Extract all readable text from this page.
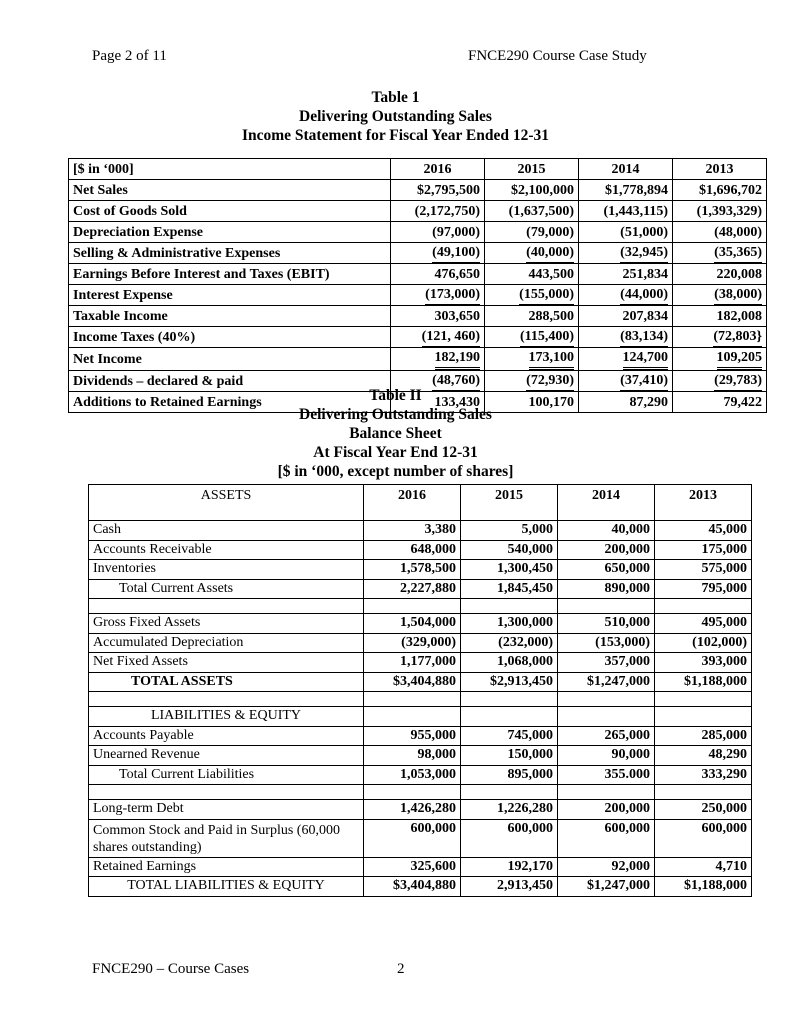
Page 2 of 11	FNCE290 Course Case Study
Table 1
Delivering Outstanding Sales
Income Statement for Fiscal Year Ended 12-31
[$ in ‘000]	2016	2015	2014	2013
Net Sales	$2,795,500	$2,100,000	$1,778,894	$1,696,702
Cost of Goods Sold	(2,172,750)	(1,637,500)	(1,443,115)	(1,393,329)
Depreciation Expense	(97,000)	(79,000)	(51,000)	(48,000)
Selling & Administrative Expenses	(49,100)	(40,000)	(32,945)	(35,365)
Earnings Before Interest and Taxes (EBIT)	476,650	443,500	251,834	220,008
Interest Expense	(173,000)	(155,000)	(44,000)	(38,000)
Taxable Income	303,650	288,500	207,834	182,008
Income Taxes (40%)	(121, 460)	(115,400)	(83,134)	(72,803}
Net Income	182,190	173,100	124,700	109,205
Dividends – declared & paid	(48,760)	(72,930)	(37,410)	(29,783)
Additions to Retained Earnings	133,430	100,170	87,290	79,422
Table II
Delivering Outstanding Sales
Balance Sheet
At Fiscal Year End 12-31
[$ in ‘000, except number of shares]
ASSETS	2016	2015	2014	2013
Cash	3,380	5,000	40,000	45,000
Accounts Receivable	648,000	540,000	200,000	175,000
Inventories	1,578,500	1,300,450	650,000	575,000
Total Current Assets	2,227,880	1,845,450	890,000	795,000

Gross Fixed Assets	1,504,000	1,300,000	510,000	495,000
Accumulated Depreciation	(329,000)	(232,000)	(153,000)	(102,000)
Net Fixed Assets	1,177,000	1,068,000	357,000	393,000
TOTAL ASSETS	$3,404,880	$2,913,450	$1,247,000	$1,188,000

LIABILITIES & EQUITY				
Accounts Payable	955,000	745,000	265,000	285,000
Unearned Revenue	98,000	150,000	90,000	48,290
Total Current Liabilities	1,053,000	895,000	355.000	333,290

Long-term Debt	1,426,280	1,226,280	200,000	250,000
Common Stock and Paid in Surplus (60,000 shares outstanding)	600,000	600,000	600,000	600,000
Retained Earnings	325,600	192,170	92,000	4,710
TOTAL LIABILITIES & EQUITY	$3,404,880	2,913,450	$1,247,000	$1,188,000
FNCE290 – Course Cases	2
